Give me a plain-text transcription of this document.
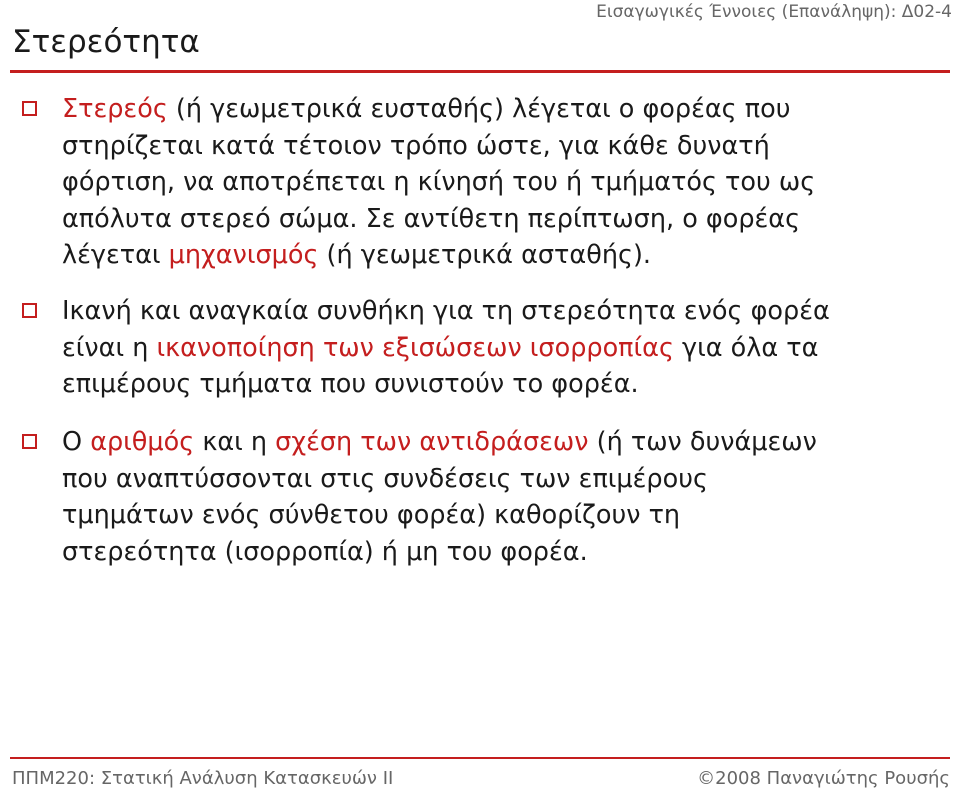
Εισαγωγικές Έννοιες (Επανάληψη): Δ02-4
Στερεότητα
Στερεός (ή γεωμετρικά ευσταθής) λέγεται ο φορέας που
στηρίζεται κατά τέτοιον τρόπο ώστε, για κάθε δυνατή
φόρτιση, να αποτρέπεται η κίνησή του ή τμήματός του ως
απόλυτα στερεό σώμα. Σε αντίθετη περίπτωση, ο φορέας
λέγεται μηχανισμός (ή γεωμετρικά ασταθής).
Ικανή και αναγκαία συνθήκη για τη στερεότητα ενός φορέα
είναι η ικανοποίηση των εξισώσεων ισορροπίας για όλα τα
επιμέρους τμήματα που συνιστούν το φορέα.
Ο αριθμός και η σχέση των αντιδράσεων (ή των δυνάμεων
που αναπτύσσονται στις συνδέσεις των επιμέρους
τμημάτων ενός σύνθετου φορέα) καθορίζουν τη
στερεότητα (ισορροπία) ή μη του φορέα.
ΠΠΜ220: Στατική Ανάλυση Κατασκευών ΙΙ	©2008 Παναγιώτης Ρουσής
